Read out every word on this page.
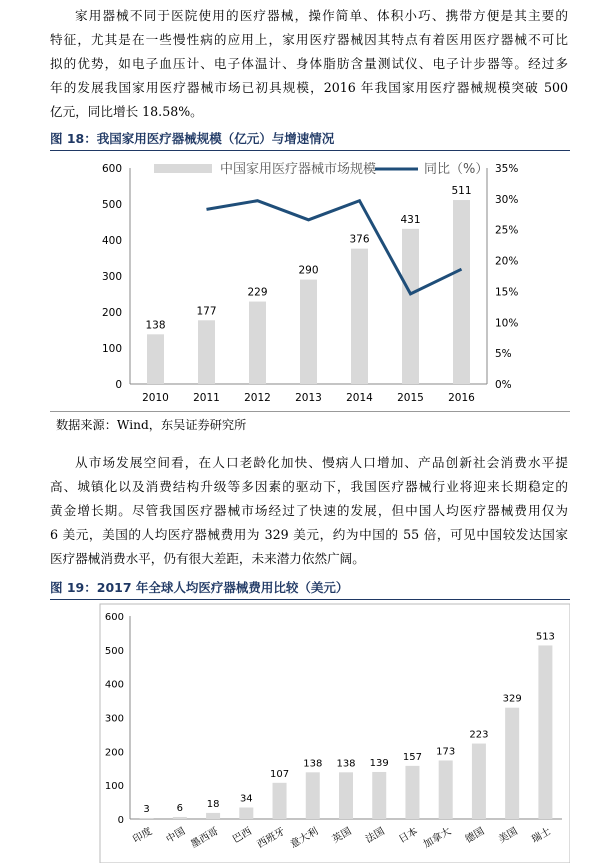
家用器械不同于医院使用的医疗器械，操作简单、体积小巧、携带方便是其主要的
特征，尤其是在一些慢性病的应用上，家用医疗器械因其特点有着医用医疗器械不可比
拟的优势，如电子血压计、电子体温计、身体脂肪含量测试仪、电子计步器等。经过多
年的发展我国家用医疗器械市场已初具规模，2016 年我国家用医疗器械规模突破 500
亿元，同比增长 18.58%。

图 18：我国家用医疗器械规模（亿元）与增速情况
0
100
200
300
400
500
600
0%
5%
10%
15%
20%
25%
30%
35%
138
2010
177
2011
229
2012
290
2013
376
2014
431
2015
511
2016
中国家用医疗器械市场规模	同比（%）
数据来源：Wind，东吴证券研究所

从市场发展空间看，在人口老龄化加快、慢病人口增加、产品创新社会消费水平提
高、城镇化以及消费结构升级等多因素的驱动下，我国医疗器械行业将迎来长期稳定的
黄金增长期。尽管我国医疗器械市场经过了快速的发展，但中国人均医疗器械费用仅为
6 美元，美国的人均医疗器械费用为 329 美元，约为中国的 55 倍，可见中国较发达国家
医疗器械消费水平，仍有很大差距，未来潜力依然广阔。

图 19：2017 年全球人均医疗器械费用比较（美元）
0
100
200
300
400
500
600
3
印度
6
中国
18
墨西哥
34
巴西
107
西班牙
138
意大利
138
英国
139
法国
157
日本
173
加拿大
223
德国
329
美国
513
瑞士
